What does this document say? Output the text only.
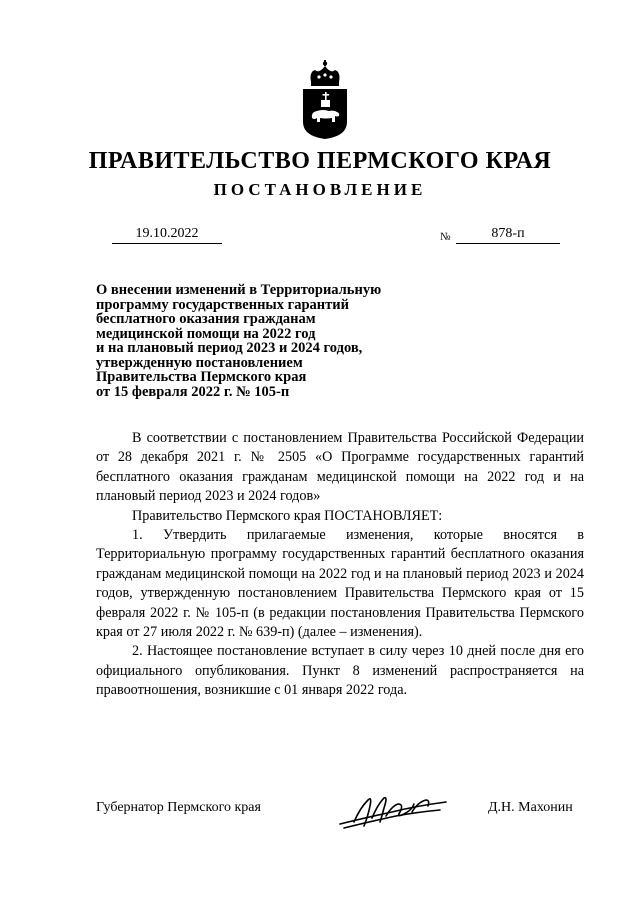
ПРАВИТЕЛЬСТВО ПЕРМСКОГО КРАЯ
ПОСТАНОВЛЕНИЕ
19.10.2022	№	878-п
О внесении изменений в Территориальную
программу государственных гарантий
бесплатного оказания гражданам
медицинской помощи на 2022 год
и на плановый период 2023 и 2024 годов,
утвержденную постановлением
Правительства Пермского края
от 15 февраля 2022 г. № 105-п

В соответствии с постановлением Правительства Российской Федерации от 28 декабря 2021 г. № 2505 «О Программе государственных гарантий бесплатного оказания гражданам медицинской помощи на 2022 год и на плановый период 2023 и 2024 годов»

Правительство Пермского края ПОСТАНОВЛЯЕТ:

1. Утвердить прилагаемые изменения, которые вносятся в Территориальную программу государственных гарантий бесплатного оказания гражданам медицинской помощи на 2022 год и на плановый период 2023 и 2024 годов, утвержденную постановлением Правительства Пермского края от 15 февраля 2022 г. № 105-п (в редакции постановления Правительства Пермского края от 27 июля 2022 г. № 639-п) (далее – изменения).

2. Настоящее постановление вступает в силу через 10 дней после дня его официального опубликования. Пункт 8 изменений распространяется на правоотношения, возникшие с 01 января 2022 года.

Губернатор Пермского края	Д.Н. Махонин
